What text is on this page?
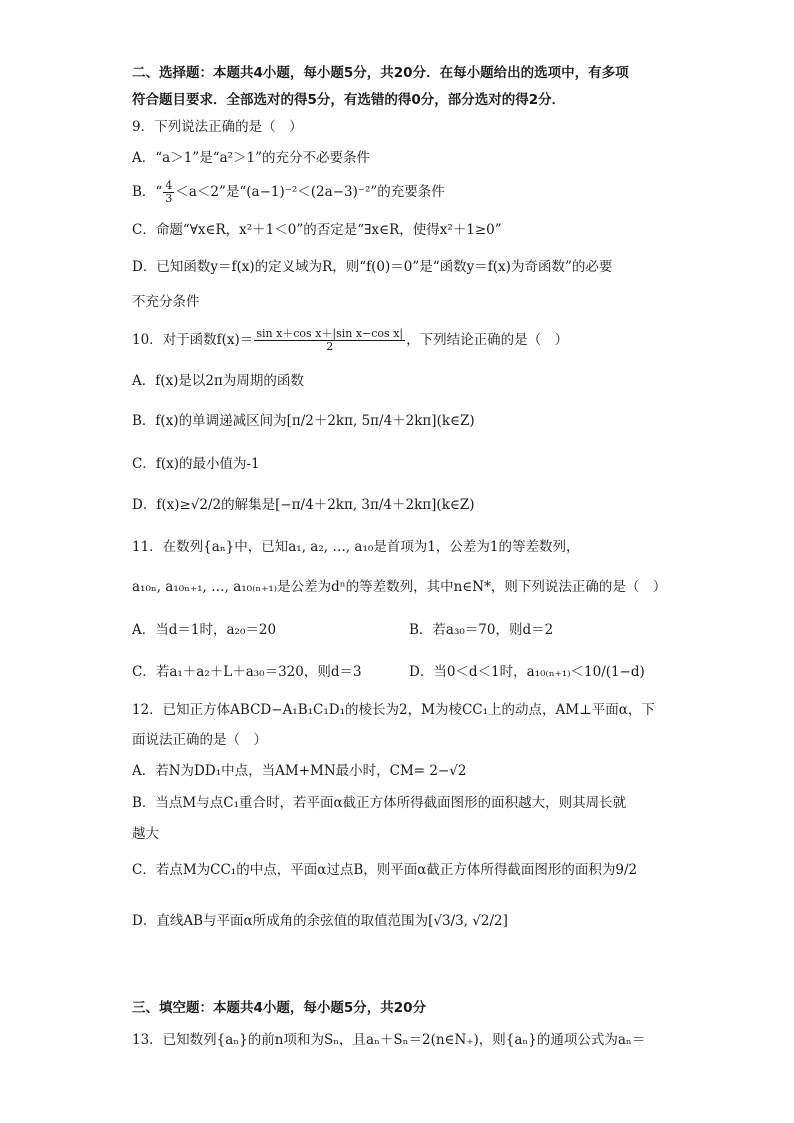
二、选择题：本题共4小题，每小题5分，共20分．在每小题给出的选项中，有多项
符合题目要求．全部选对的得5分，有选错的得0分，部分选对的得2分．
9．下列说法正确的是（　）
A．“a＞1”是“a²＞1”的充分不必要条件
B．“ $\frac{4}{3} <a<2$”是“(a−1)⁻²＜(2a−3)⁻²”的充要条件
C．命题“∀x∈R，x²＋1＜0”的否定是“∃x∈R，使得x²＋1≥0”
D．已知函数y＝f(x)的定义域为R，则“f(0)＝0”是“函数y＝f(x)为奇函数”的必要
不充分条件
10．对于函数$f(x)= \frac{\text{sin x＋cos x＋|sin x−cos x|}}{2}$ ，下列结论正确的是（　）
A．f(x)是以2π为周期的函数
B．f(x)的单调递减区间为[π/2＋2kπ, 5π/4＋2kπ](k∈Z)
C．f(x)的最小值为-1
D．f(x)≥√2/2的解集是[−π/4＋2kπ, 3π/4＋2kπ](k∈Z)
11．在数列{aₙ}中，已知a₁, a₂, …, a₁₀是首项为1，公差为1的等差数列，
a₁₀ₙ, a₁₀ₙ₊₁, …, a₁₀₍ₙ₊₁₎是公差为dⁿ的等差数列，其中n∈N*，则下列说法正确的是（　）
A．当d＝1时，a₂₀＝20	B．若a₃₀＝70，则d＝2
C．若a₁＋a₂＋L＋a₃₀＝320，则d＝3	D．当0＜d＜1时，a₁₀₍ₙ₊₁₎＜10/(1−d)
12．已知正方体ABCD−A₁B₁C₁D₁的棱长为2，M为棱CC₁上的动点，AM⊥平面α，下
面说法正确的是（　）
A．若N为DD₁中点，当AM+MN最小时，CM= 2−√2
B．当点M与点C₁重合时，若平面α截正方体所得截面图形的面积越大，则其周长就
越大
C．若点M为CC₁的中点，平面α过点B，则平面α截正方体所得截面图形的面积为9/2
D．直线AB与平面α所成角的余弦值的取值范围为[√3/3, √2/2]
三、填空题：本题共4小题，每小题5分，共20分
13．已知数列{aₙ}的前n项和为Sₙ，且aₙ＋Sₙ＝2(n∈N₊)，则{aₙ}的通项公式为aₙ＝
